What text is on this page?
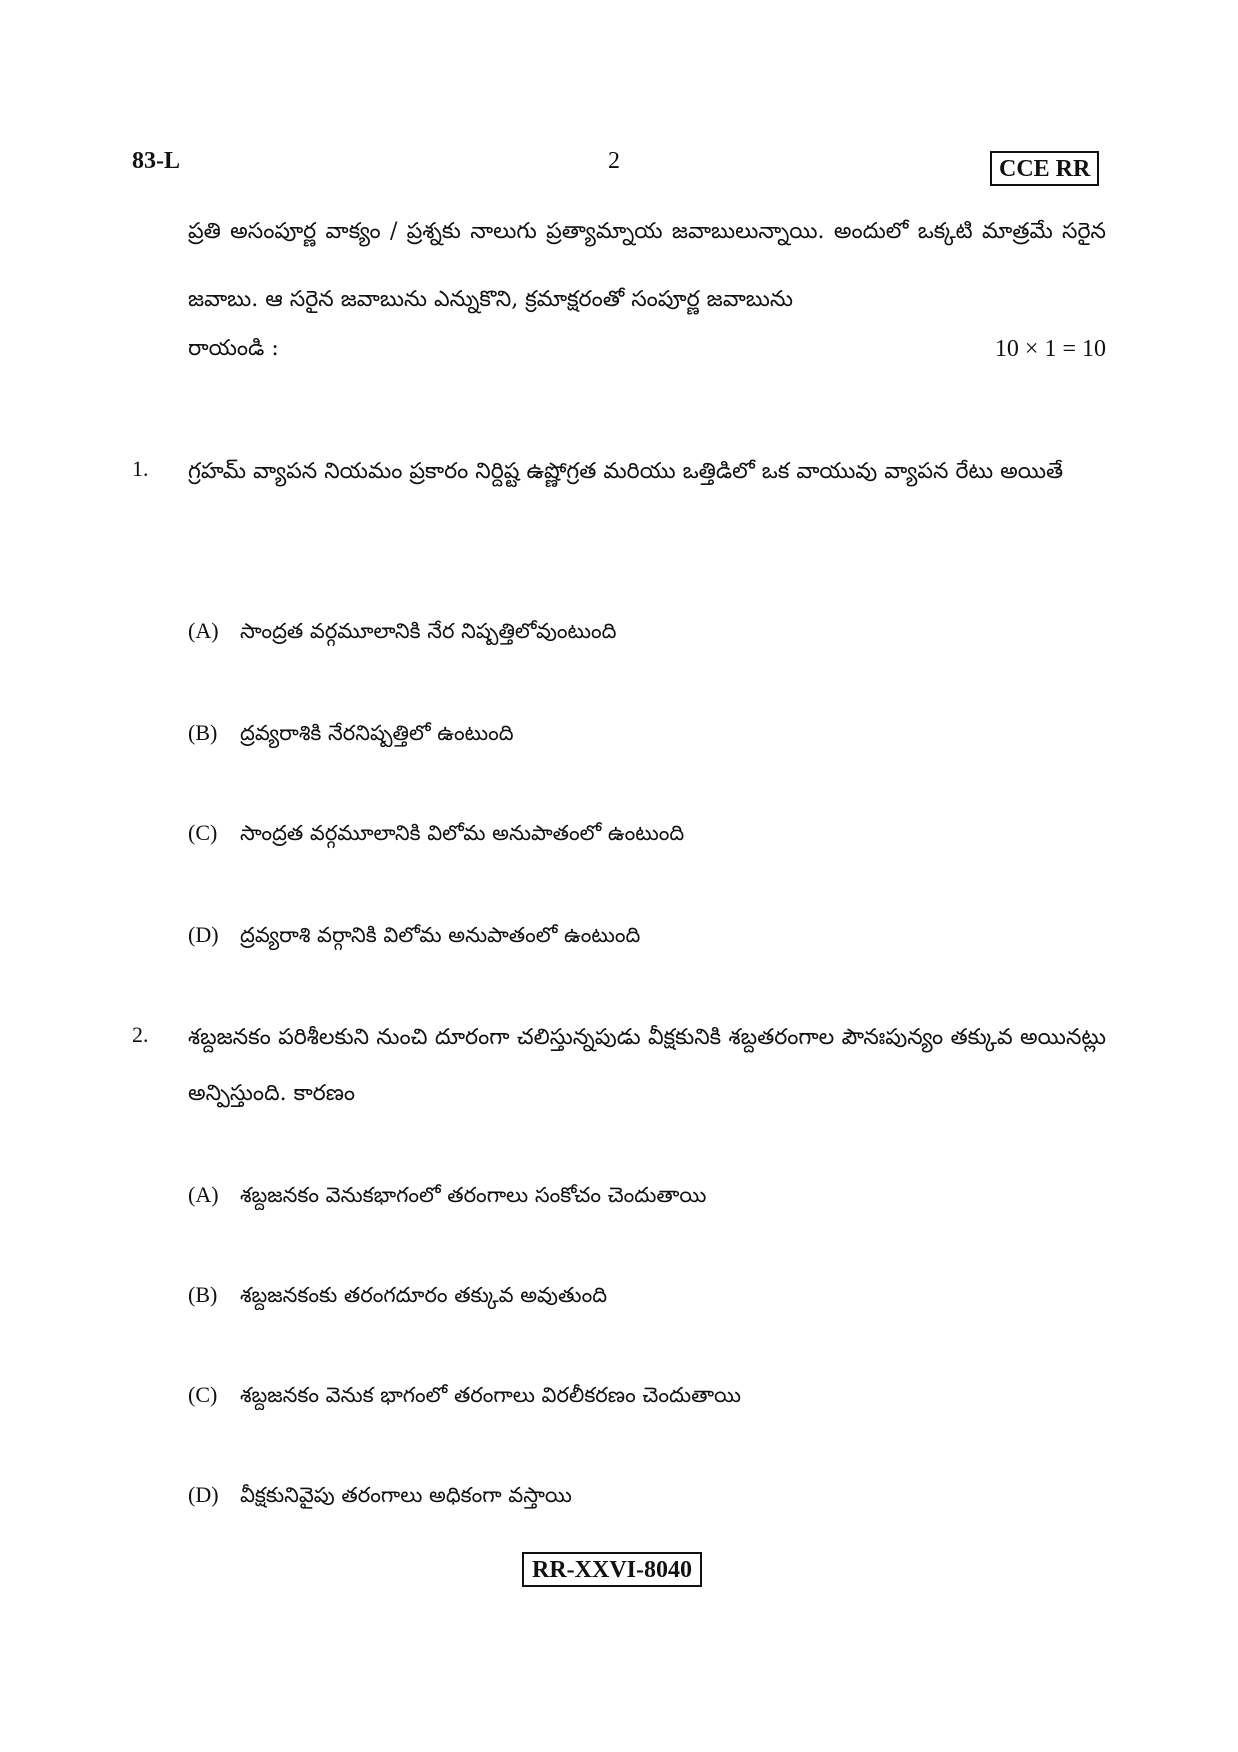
83-L	2	CCE RR
ప్రతి అసంపూర్ణ వాక్యం / ప్రశ్నకు నాలుగు ప్రత్యామ్నాయ జవాబులున్నాయి. అందులో ఒక్కటి మాత్రమే సరైన జవాబు. ఆ సరైన జవాబును ఎన్నుకొని, క్రమాక్షరంతో సంపూర్ణ జవాబును
రాయండి :	10 × 1 = 10
1. గ్రహమ్ వ్యాపన నియమం ప్రకారం నిర్దిష్ట ఉష్ణోగ్రత మరియు ఒత్తిడిలో ఒక వాయువు వ్యాపన రేటు అయితే
(A) సాంద్రత వర్గమూలానికి నేర నిష్పత్తిలోవుంటుంది
(B) ద్రవ్యరాశికి నేరనిష్పత్తిలో ఉంటుంది
(C) సాంద్రత వర్గమూలానికి విలోమ అనుపాతంలో ఉంటుంది
(D) ద్రవ్యరాశి వర్గానికి విలోమ అనుపాతంలో ఉంటుంది
2. శబ్దజనకం పరిశీలకుని నుంచి దూరంగా చలిస్తున్నపుడు వీక్షకునికి శబ్దతరంగాల పౌనఃపున్యం తక్కువ అయినట్లు అన్పిస్తుంది. కారణం
(A) శబ్దజనకం వెనుకభాగంలో తరంగాలు సంకోచం చెందుతాయి
(B) శబ్దజనకంకు తరంగదూరం తక్కువ అవుతుంది
(C) శబ్దజనకం వెనుక భాగంలో తరంగాలు విరలీకరణం చెందుతాయి
(D) వీక్షకునివైపు తరంగాలు అధికంగా వస్తాయి
RR-XXVI-8040
